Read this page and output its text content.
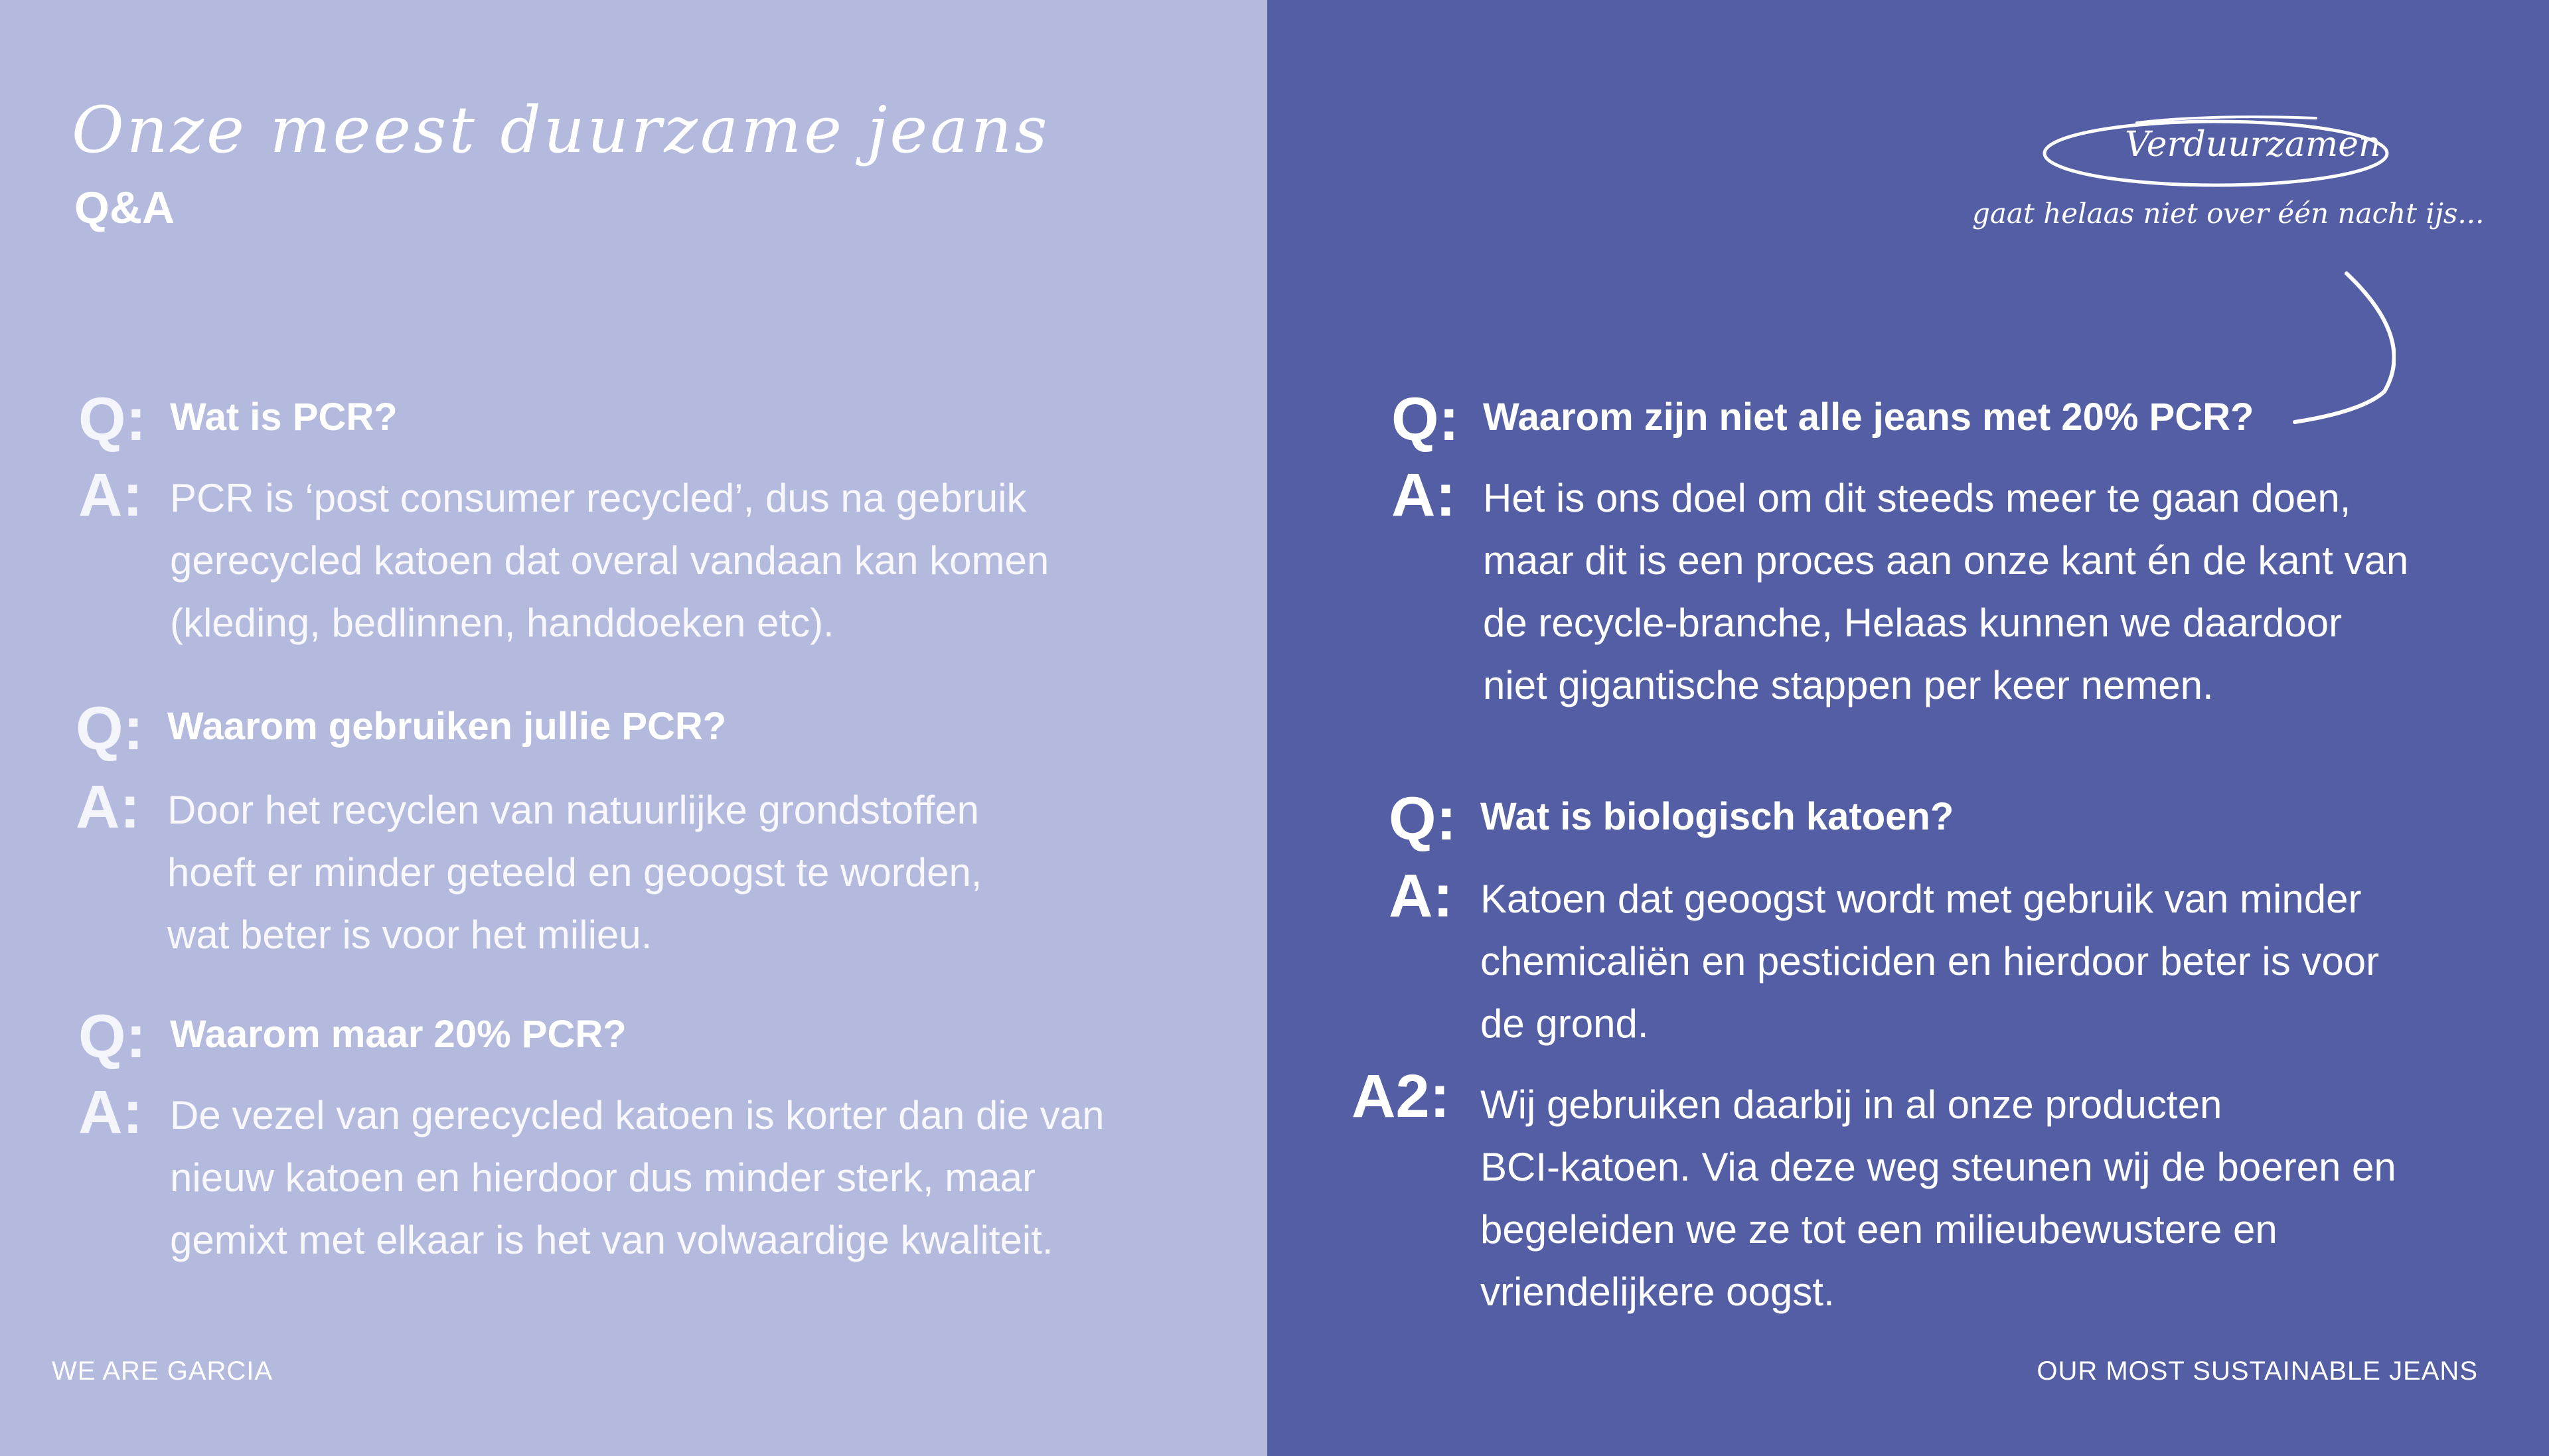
Onze meest duurzame jeans
Q&A
Q: Wat is PCR?
A: PCR is ‘post consumer recycled’, dus na gebruik
gerecycled katoen dat overal vandaan kan komen
(kleding, bedlinnen, handdoeken etc).
Q: Waarom gebruiken jullie PCR?
A: Door het recyclen van natuurlijke grondstoffen
hoeft er minder geteeld en geoogst te worden,
wat beter is voor het milieu.
Q: Waarom maar 20% PCR?
A: De vezel van gerecycled katoen is korter dan die van
nieuw katoen en hierdoor dus minder sterk, maar
gemixt met elkaar is het van volwaardige kwaliteit.
WE ARE GARCIA
Verduurzamen
gaat helaas niet over één nacht ijs...
Q: Waarom zijn niet alle jeans met 20% PCR?
A: Het is ons doel om dit steeds meer te gaan doen,
maar dit is een proces aan onze kant én de kant van
de recycle-branche, Helaas kunnen we daardoor
niet gigantische stappen per keer nemen.
Q: Wat is biologisch katoen?
A: Katoen dat geoogst wordt met gebruik van minder
chemicaliën en pesticiden en hierdoor beter is voor
de grond.
A2: Wij gebruiken daarbij in al onze producten
BCI-katoen. Via deze weg steunen wij de boeren en
begeleiden we ze tot een milieubewustere en
vriendelijkere oogst.
OUR MOST SUSTAINABLE JEANS
